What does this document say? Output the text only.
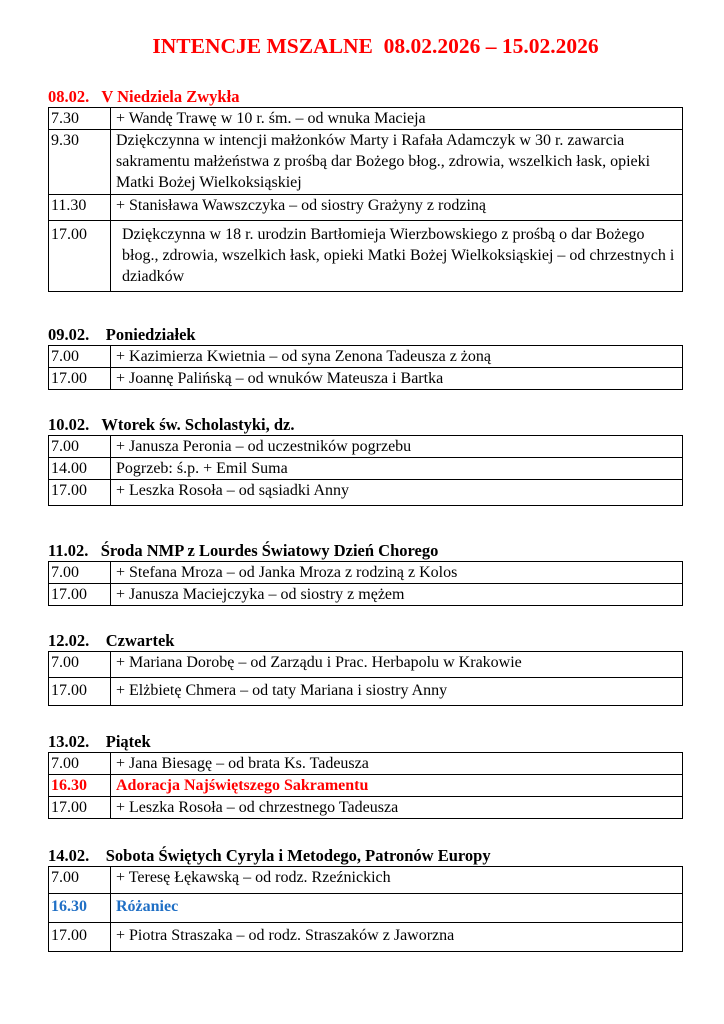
INTENCJE MSZALNE  08.02.2026 – 15.02.2026
08.02.   V Niedziela Zwykła
7.30	+ Wandę Trawę w 10 r. śm. – od wnuka Macieja
9.30	Dziękczynna w intencji małżonków Marty i Rafała Adamczyk w 30 r. zawarcia sakramentu małżeństwa z prośbą dar Bożego błog., zdrowia, wszelkich łask, opieki Matki Bożej Wielkoksiąskiej
11.30	+ Stanisława Wawszczyka – od siostry Grażyny z rodziną
17.00	Dziękczynna w 18 r. urodzin Bartłomieja Wierzbowskiego z prośbą o dar Bożego błog., zdrowia, wszelkich łask, opieki Matki Bożej Wielkoksiąskiej – od chrzestnych i dziadków
09.02.    Poniedziałek
7.00	+ Kazimierza Kwietnia – od syna Zenona Tadeusza z żoną
17.00	+ Joannę Palińską – od wnuków Mateusza i Bartka
10.02.   Wtorek św. Scholastyki, dz.
7.00	+ Janusza Peronia – od uczestników pogrzebu
14.00	Pogrzeb: ś.p. + Emil Suma
17.00	+ Leszka Rosoła – od sąsiadki Anny
11.02.   Środa NMP z Lourdes Światowy Dzień Chorego
7.00	+ Stefana Mroza – od Janka Mroza z rodziną z Kolos
17.00	+ Janusza Maciejczyka – od siostry z mężem
12.02.    Czwartek
7.00	+ Mariana Dorobę – od Zarządu i Prac. Herbapolu w Krakowie
17.00	+ Elżbietę Chmera – od taty Mariana i siostry Anny
13.02.    Piątek
7.00	+ Jana Biesagę – od brata Ks. Tadeusza
16.30	Adoracja Najświętszego Sakramentu
17.00	+ Leszka Rosoła – od chrzestnego Tadeusza
14.02.    Sobota Świętych Cyryla i Metodego, Patronów Europy
7.00	+ Teresę Łękawską – od rodz. Rzeźnickich
16.30	Różaniec
17.00	+ Piotra Straszaka – od rodz. Straszaków z Jaworzna
